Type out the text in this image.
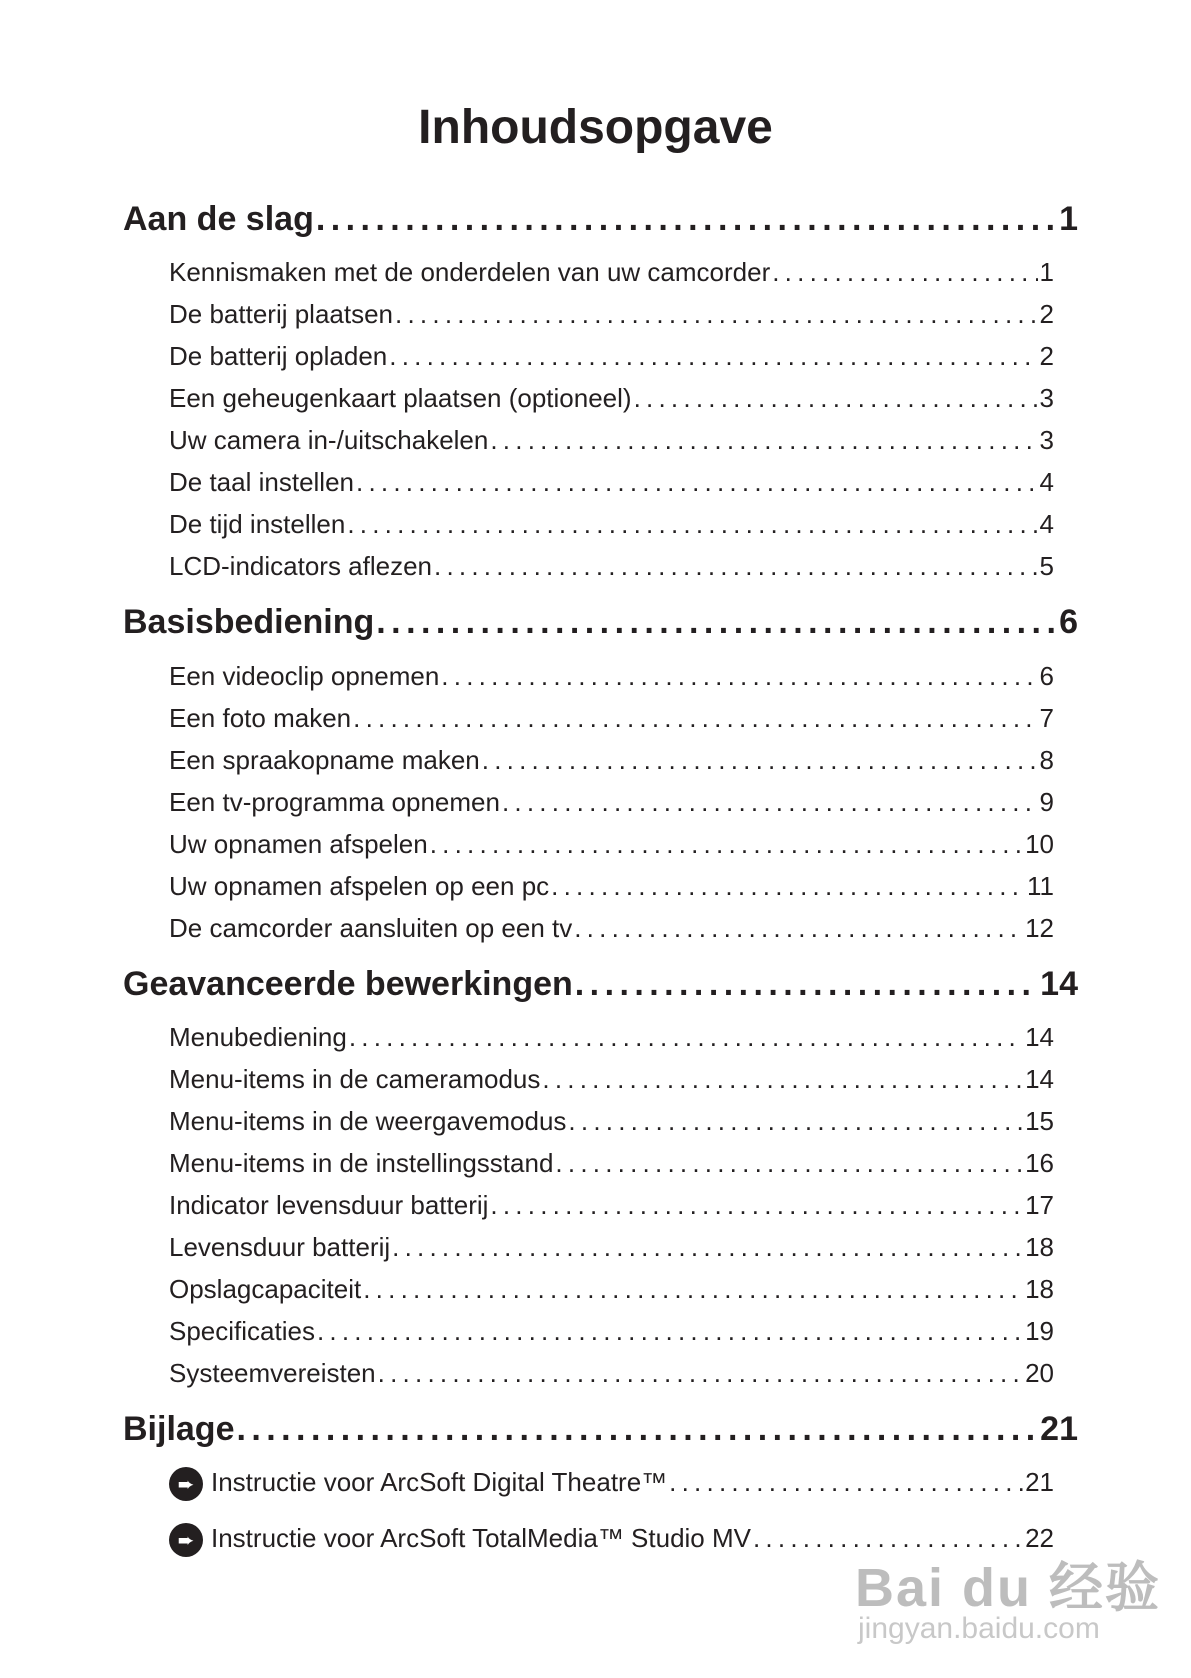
Inhoudsopgave
Aan de slag . . .	1
Kennismaken met de onderdelen van uw camcorder . . .	1
De batterij plaatsen . . .	2
De batterij opladen . . .	2
Een geheugenkaart plaatsen (optioneel) . . .	3
Uw camera in-/uitschakelen . . .	3
De taal instellen . . .	4
De tijd instellen . . .	4
LCD-indicators aflezen . . .	5
Basisbediening . . .	6
Een videoclip opnemen . . .	6
Een foto maken . . .	7
Een spraakopname maken . . .	8
Een tv-programma opnemen . . .	9
Uw opnamen afspelen . . .	10
Uw opnamen afspelen op een pc . . .	11
De camcorder aansluiten op een tv . . .	12
Geavanceerde bewerkingen . . .	14
Menubediening . . .	14
Menu-items in de cameramodus . . .	14
Menu-items in de weergavemodus . . .	15
Menu-items in de instellingsstand . . .	16
Indicator levensduur batterij . . .	17
Levensduur batterij . . .	18
Opslagcapaciteit . . .	18
Specificaties . . .	19
Systeemvereisten . . .	20
Bijlage . . .	21
➨ Instructie voor ArcSoft Digital Theatre™ . . .	21
➨ Instructie voor ArcSoft TotalMedia™ Studio MV . . .	22
Bai du 经验
jingyan.baidu.com
